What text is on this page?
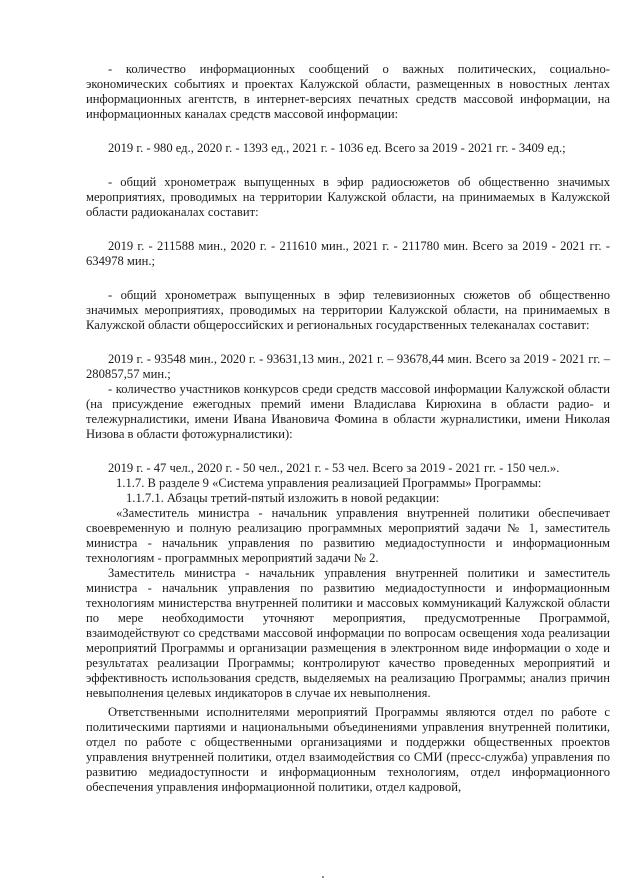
- количество информационных сообщений о важных политических, социально-экономических событиях и проектах Калужской области, размещенных в новостных лентах информационных агентств, в интернет-версиях печатных средств массовой информации, на информационных каналах средств массовой информации:

2019 г. - 980 ед., 2020 г. - 1393 ед., 2021 г. - 1036 ед. Всего за 2019 - 2021 гг. - 3409 ед.;

- общий хронометраж выпущенных в эфир радиосюжетов об общественно значимых мероприятиях, проводимых на территории Калужской области, на принимаемых в Калужской области радиоканалах составит:

2019 г. - 211588 мин., 2020 г. - 211610 мин., 2021 г. - 211780 мин. Всего за 2019 - 2021 гг. - 634978 мин.;

- общий хронометраж выпущенных в эфир телевизионных сюжетов об общественно значимых мероприятиях, проводимых на территории Калужской области, на принимаемых в Калужской области общероссийских и региональных государственных телеканалах составит:

2019 г. - 93548 мин., 2020 г. - 93631,13 мин., 2021 г. – 93678,44 мин. Всего за 2019 - 2021 гг. – 280857,57 мин.;

- количество участников конкурсов среди средств массовой информации Калужской области (на присуждение ежегодных премий имени Владислава Кирюхина в области радио- и тележурналистики, имени Ивана Ивановича Фомина в области журналистики, имени Николая Низова в области фотожурналистики):

2019 г. - 47 чел., 2020 г. - 50 чел., 2021 г. - 53 чел. Всего за 2019 - 2021 гг. - 150 чел.».

1.1.7. В разделе 9 «Система управления реализацией Программы» Программы:

1.1.7.1. Абзацы третий-пятый изложить в новой редакции:

«Заместитель министра - начальник управления внутренней политики обеспечивает своевременную и полную реализацию программных мероприятий задачи № 1, заместитель министра - начальник управления по развитию медиадоступности и информационным технологиям - программных мероприятий задачи № 2.

Заместитель министра - начальник управления внутренней политики и заместитель министра - начальник управления по развитию медиадоступности и информационным технологиям министерства внутренней политики и массовых коммуникаций Калужской области по мере необходимости уточняют мероприятия, предусмотренные Программой, взаимодействуют со средствами массовой информации по вопросам освещения хода реализации мероприятий Программы и организации размещения в электронном виде информации о ходе и результатах реализации Программы; контролируют качество проведенных мероприятий и эффективность использования средств, выделяемых на реализацию Программы; анализ причин невыполнения целевых индикаторов в случае их невыполнения.

Ответственными исполнителями мероприятий Программы являются отдел по работе с политическими партиями и национальными объединениями управления внутренней политики, отдел по работе с общественными организациями и поддержки общественных проектов управления внутренней политики, отдел взаимодействия со СМИ (пресс-служба) управления по развитию медиадоступности и информационным технологиям, отдел информационного обеспечения управления информационной политики, отдел кадровой,
